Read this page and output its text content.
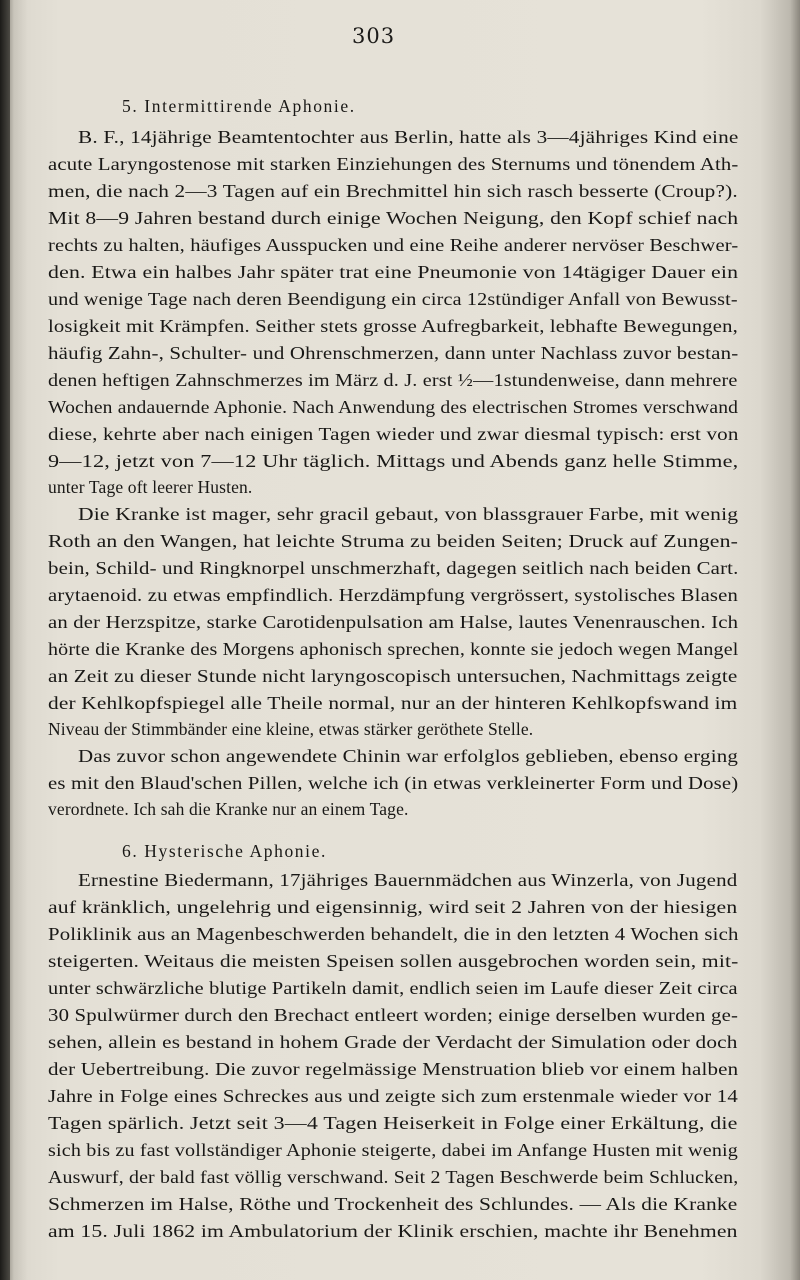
303
5. Intermittirende Aphonie.
B. F., 14jährige Beamtentochter aus Berlin, hatte als 3—4jähriges Kind eine
acute Laryngostenose mit starken Einziehungen des Sternums und tönendem Ath-
men, die nach 2—3 Tagen auf ein Brechmittel hin sich rasch besserte (Croup?).
Mit 8—9 Jahren bestand durch einige Wochen Neigung, den Kopf schief nach
rechts zu halten, häufiges Ausspucken und eine Reihe anderer nervöser Beschwer-
den. Etwa ein halbes Jahr später trat eine Pneumonie von 14tägiger Dauer ein
und wenige Tage nach deren Beendigung ein circa 12stündiger Anfall von Bewusst-
losigkeit mit Krämpfen. Seither stets grosse Aufregbarkeit, lebhafte Bewegungen,
häufig Zahn-, Schulter- und Ohrenschmerzen, dann unter Nachlass zuvor bestan-
denen heftigen Zahnschmerzes im März d. J. erst ½—1stundenweise, dann mehrere
Wochen andauernde Aphonie. Nach Anwendung des electrischen Stromes verschwand
diese, kehrte aber nach einigen Tagen wieder und zwar diesmal typisch: erst von
9—12, jetzt von 7—12 Uhr täglich. Mittags und Abends ganz helle Stimme,
unter Tage oft leerer Husten.
Die Kranke ist mager, sehr gracil gebaut, von blassgrauer Farbe, mit wenig
Roth an den Wangen, hat leichte Struma zu beiden Seiten; Druck auf Zungen-
bein, Schild- und Ringknorpel unschmerzhaft, dagegen seitlich nach beiden Cart.
arytaenoid. zu etwas empfindlich. Herzdämpfung vergrössert, systolisches Blasen
an der Herzspitze, starke Carotidenpulsation am Halse, lautes Venenrauschen. Ich
hörte die Kranke des Morgens aphonisch sprechen, konnte sie jedoch wegen Mangel
an Zeit zu dieser Stunde nicht laryngoscopisch untersuchen, Nachmittags zeigte
der Kehlkopfspiegel alle Theile normal, nur an der hinteren Kehlkopfswand im
Niveau der Stimmbänder eine kleine, etwas stärker geröthete Stelle.
Das zuvor schon angewendete Chinin war erfolglos geblieben, ebenso erging
es mit den Blaud'schen Pillen, welche ich (in etwas verkleinerter Form und Dose)
verordnete. Ich sah die Kranke nur an einem Tage.
6. Hysterische Aphonie.
Ernestine Biedermann, 17jähriges Bauernmädchen aus Winzerla, von Jugend
auf kränklich, ungelehrig und eigensinnig, wird seit 2 Jahren von der hiesigen
Poliklinik aus an Magenbeschwerden behandelt, die in den letzten 4 Wochen sich
steigerten. Weitaus die meisten Speisen sollen ausgebrochen worden sein, mit-
unter schwärzliche blutige Partikeln damit, endlich seien im Laufe dieser Zeit circa
30 Spulwürmer durch den Brechact entleert worden; einige derselben wurden ge-
sehen, allein es bestand in hohem Grade der Verdacht der Simulation oder doch
der Uebertreibung. Die zuvor regelmässige Menstruation blieb vor einem halben
Jahre in Folge eines Schreckes aus und zeigte sich zum erstenmale wieder vor 14
Tagen spärlich. Jetzt seit 3—4 Tagen Heiserkeit in Folge einer Erkältung, die
sich bis zu fast vollständiger Aphonie steigerte, dabei im Anfange Husten mit wenig
Auswurf, der bald fast völlig verschwand. Seit 2 Tagen Beschwerde beim Schlucken,
Schmerzen im Halse, Röthe und Trockenheit des Schlundes. — Als die Kranke
am 15. Juli 1862 im Ambulatorium der Klinik erschien, machte ihr Benehmen
